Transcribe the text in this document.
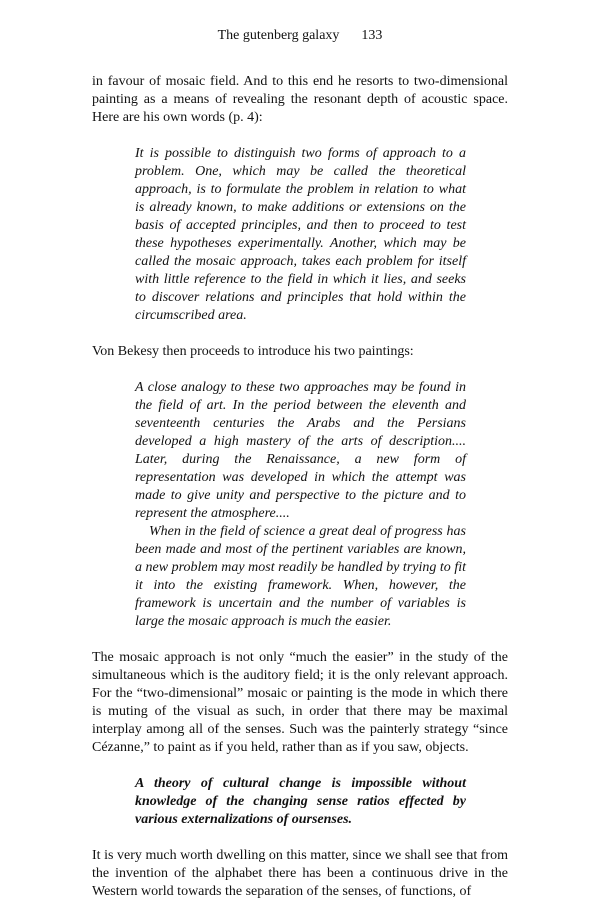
The gutenberg galaxy 133

in favour of mosaic field. And to this end he resorts to two-dimensional painting as a means of revealing the resonant depth of acoustic space. Here are his own words (p. 4):

It is possible to distinguish two forms of approach to a problem. One, which may be called the theoretical approach, is to formulate the problem in relation to what is already known, to make additions or extensions on the basis of accepted principles, and then to proceed to test these hypotheses experimentally. Another, which may be called the mosaic approach, takes each problem for itself with little reference to the field in which it lies, and seeks to discover relations and principles that hold within the circumscribed area.

Von Bekesy then proceeds to introduce his two paintings:

A close analogy to these two approaches may be found in the field of art. In the period between the eleventh and seventeenth centuries the Arabs and the Persians developed a high mastery of the arts of description.... Later, during the Renaissance, a new form of representation was developed in which the attempt was made to give unity and perspective to the picture and to represent the atmosphere....

When in the field of science a great deal of progress has been made and most of the pertinent variables are known, a new problem may most readily be handled by trying to fit it into the existing framework. When, however, the framework is uncertain and the number of variables is large the mosaic approach is much the easier.

The mosaic approach is not only “much the easier” in the study of the simultaneous which is the auditory field; it is the only relevant approach. For the “two-dimensional” mosaic or painting is the mode in which there is muting of the visual as such, in order that there may be maximal interplay among all of the senses. Such was the painterly strategy “since Cézanne,” to paint as if you held, rather than as if you saw, objects.

A theory of cultural change is impossible without knowledge of the changing sense ratios effected by various externalizations of oursenses.

It is very much worth dwelling on this matter, since we shall see that from the invention of the alphabet there has been a continuous drive in the Western world towards the separation of the senses, of functions, of
